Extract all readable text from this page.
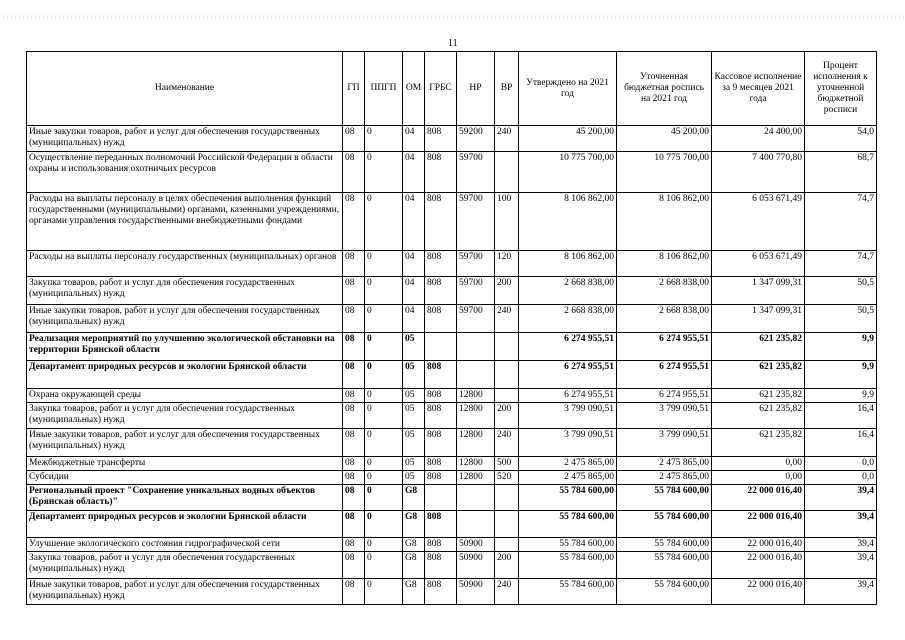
11
Наименование	ГП	ППГП	ОМ	ГРБС	НР	ВР	Утверждено на 2021 год	Уточненная бюджетная роспись на 2021 год	Кассовое исполнение за 9 месяцев 2021 года	Процент исполнения к уточненной бюджетной росписи
Иные закупки товаров, работ и услуг для обеспечения государственных (муниципальных) нужд	08	0	04	808	59200	240	45 200,00	45 200,00	24 400,00	54,0
Осуществление переданных полномочий Российской Федерации в области охраны и использования охотничьих ресурсов	08	0	04	808	59700		10 775 700,00	10 775 700,00	7 400 770,80	68,7
Расходы на выплаты персоналу в целях обеспечения выполнения функций государственными (муниципальными) органами, казенными учреждениями, органами управления государственными внебюджетными фондами	08	0	04	808	59700	100	8 106 862,00	8 106 862,00	6 053 671,49	74,7
Расходы на выплаты персоналу государственных (муниципальных) органов	08	0	04	808	59700	120	8 106 862,00	8 106 862,00	6 053 671,49	74,7
Закупка товаров, работ и услуг для обеспечения государственных (муниципальных) нужд	08	0	04	808	59700	200	2 668 838,00	2 668 838,00	1 347 099,31	50,5
Иные закупки товаров, работ и услуг для обеспечения государственных (муниципальных) нужд	08	0	04	808	59700	240	2 668 838,00	2 668 838,00	1 347 099,31	50,5
Реализация мероприятий по улучшению экологической обстановки на территории Брянской области	08	0	05				6 274 955,51	6 274 955,51	621 235,82	9,9
Департамент природных ресурсов и экологии Брянской области	08	0	05	808			6 274 955,51	6 274 955,51	621 235,82	9,9
Охрана окружающей среды	08	0	05	808	12800		6 274 955,51	6 274 955,51	621 235,82	9,9
Закупка товаров, работ и услуг для обеспечения государственных (муниципальных) нужд	08	0	05	808	12800	200	3 799 090,51	3 799 090,51	621 235,82	16,4
Иные закупки товаров, работ и услуг для обеспечения государственных (муниципальных) нужд	08	0	05	808	12800	240	3 799 090,51	3 799 090,51	621 235,82	16,4
Межбюджетные трансферты	08	0	05	808	12800	500	2 475 865,00	2 475 865,00	0,00	0,0
Субсидии	08	0	05	808	12800	520	2 475 865,00	2 475 865,00	0,00	0,0
Региональный проект "Сохранение уникальных водных объектов (Брянская область)"	08	0	G8				55 784 600,00	55 784 600,00	22 000 016,40	39,4
Департамент природных ресурсов и экологии Брянской области	08	0	G8	808			55 784 600,00	55 784 600,00	22 000 016,40	39,4
Улучшение экологического состояния гидрографической сети	08	0	G8	808	50900		55 784 600,00	55 784 600,00	22 000 016,40	39,4
Закупка товаров, работ и услуг для обеспечения государственных (муниципальных) нужд	08	0	G8	808	50900	200	55 784 600,00	55 784 600,00	22 000 016,40	39,4
Иные закупки товаров, работ и услуг для обеспечения государственных (муниципальных) нужд	08	0	G8	808	50900	240	55 784 600,00	55 784 600,00	22 000 016,40	39,4
